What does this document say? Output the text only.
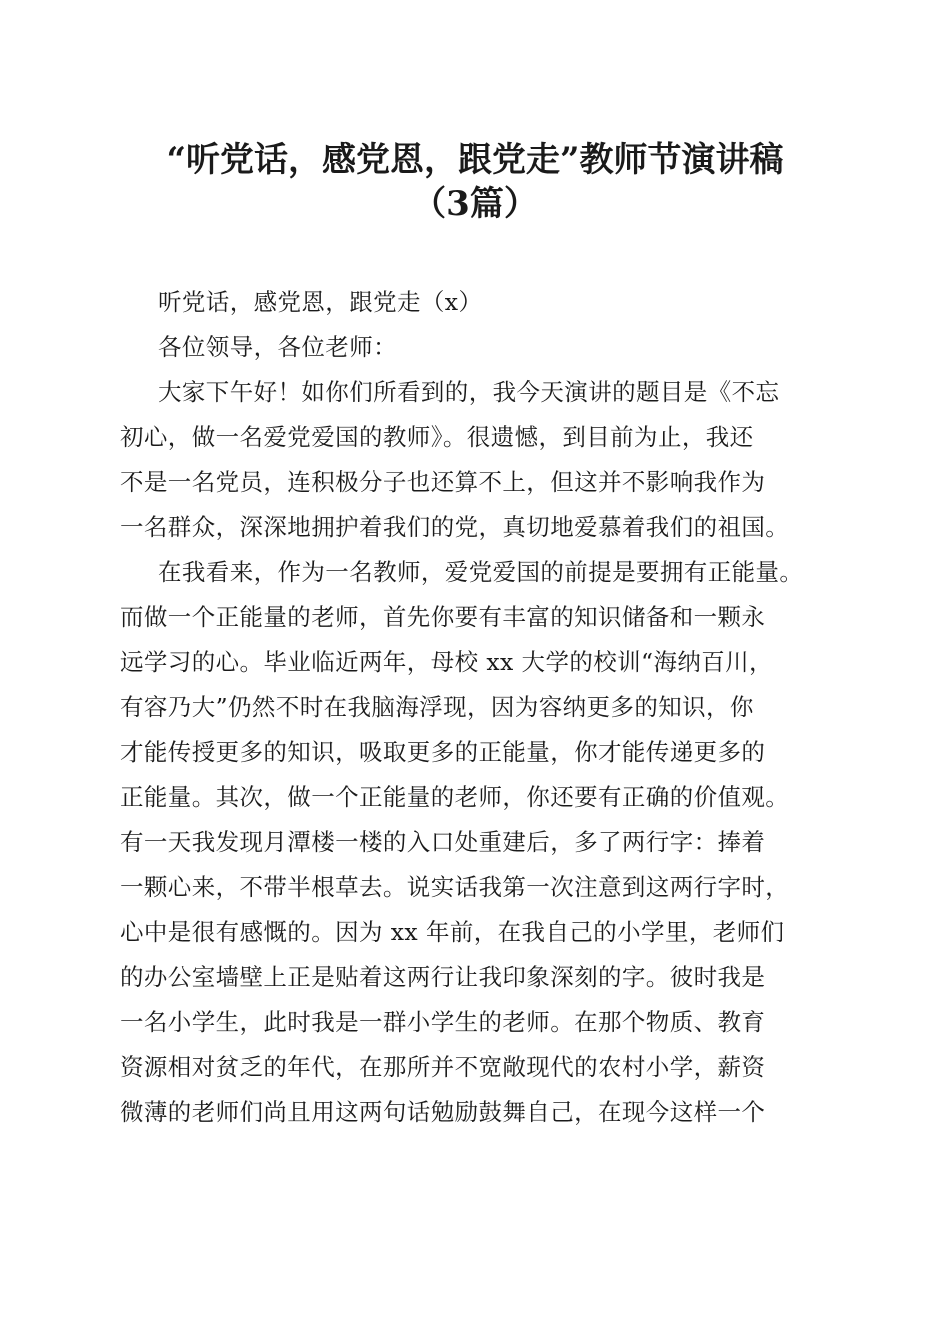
“听党话，感党恩，跟党走”教师节演讲稿
（3篇）
听党话，感党恩，跟党走（x）
各位领导，各位老师：
大家下午好！如你们所看到的，我今天演讲的题目是《不忘
初心，做一名爱党爱国的教师》。很遗憾，到目前为止，我还
不是一名党员，连积极分子也还算不上，但这并不影响我作为
一名群众，深深地拥护着我们的党，真切地爱慕着我们的祖国。
在我看来，作为一名教师，爱党爱国的前提是要拥有正能量。
而做一个正能量的老师，首先你要有丰富的知识储备和一颗永
远学习的心。毕业临近两年，母校 xx 大学的校训“海纳百川，
有容乃大”仍然不时在我脑海浮现，因为容纳更多的知识，你
才能传授更多的知识，吸取更多的正能量，你才能传递更多的
正能量。其次，做一个正能量的老师，你还要有正确的价值观。
有一天我发现月潭楼一楼的入口处重建后，多了两行字：捧着
一颗心来，不带半根草去。说实话我第一次注意到这两行字时，
心中是很有感慨的。因为 xx 年前，在我自己的小学里，老师们
的办公室墙壁上正是贴着这两行让我印象深刻的字。彼时我是
一名小学生，此时我是一群小学生的老师。在那个物质、教育
资源相对贫乏的年代，在那所并不宽敞现代的农村小学，薪资
微薄的老师们尚且用这两句话勉励鼓舞自己，在现今这样一个
